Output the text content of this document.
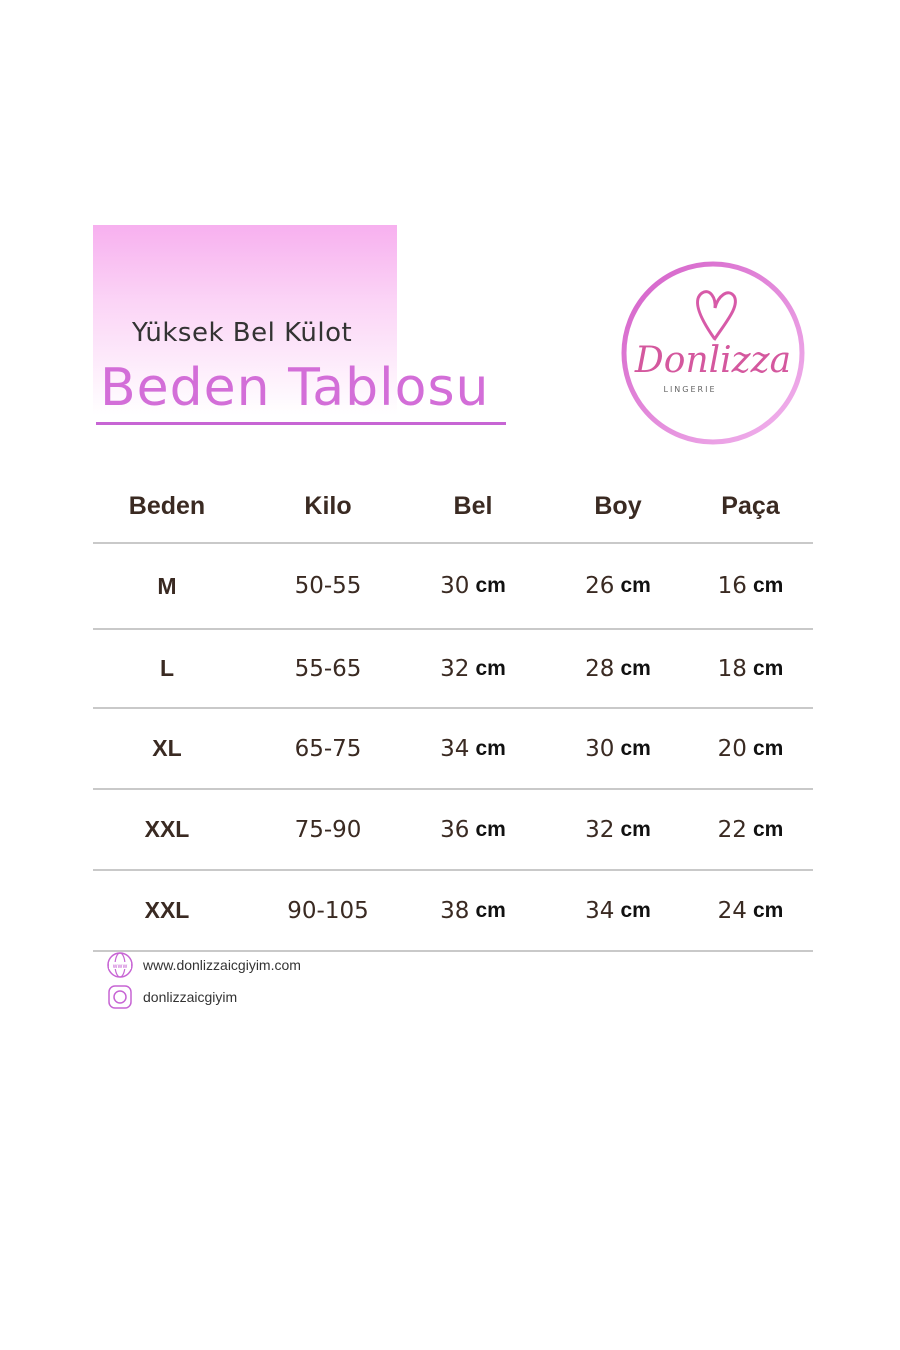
Yüksek Bel Külot
Beden Tablosu	Donlizza
LINGERIE
Beden	Kilo	Bel	Boy	Paça
M	50-55	30 cm	26 cm	16 cm
L	55-65	32 cm	28 cm	18 cm
XL	65-75	34 cm	30 cm	20 cm
XXL	75-90	36 cm	32 cm	22 cm
XXL	90-105	38 cm	34 cm	24 cm
www www.donlizzaicgiyim.com
donlizzaicgiyim
